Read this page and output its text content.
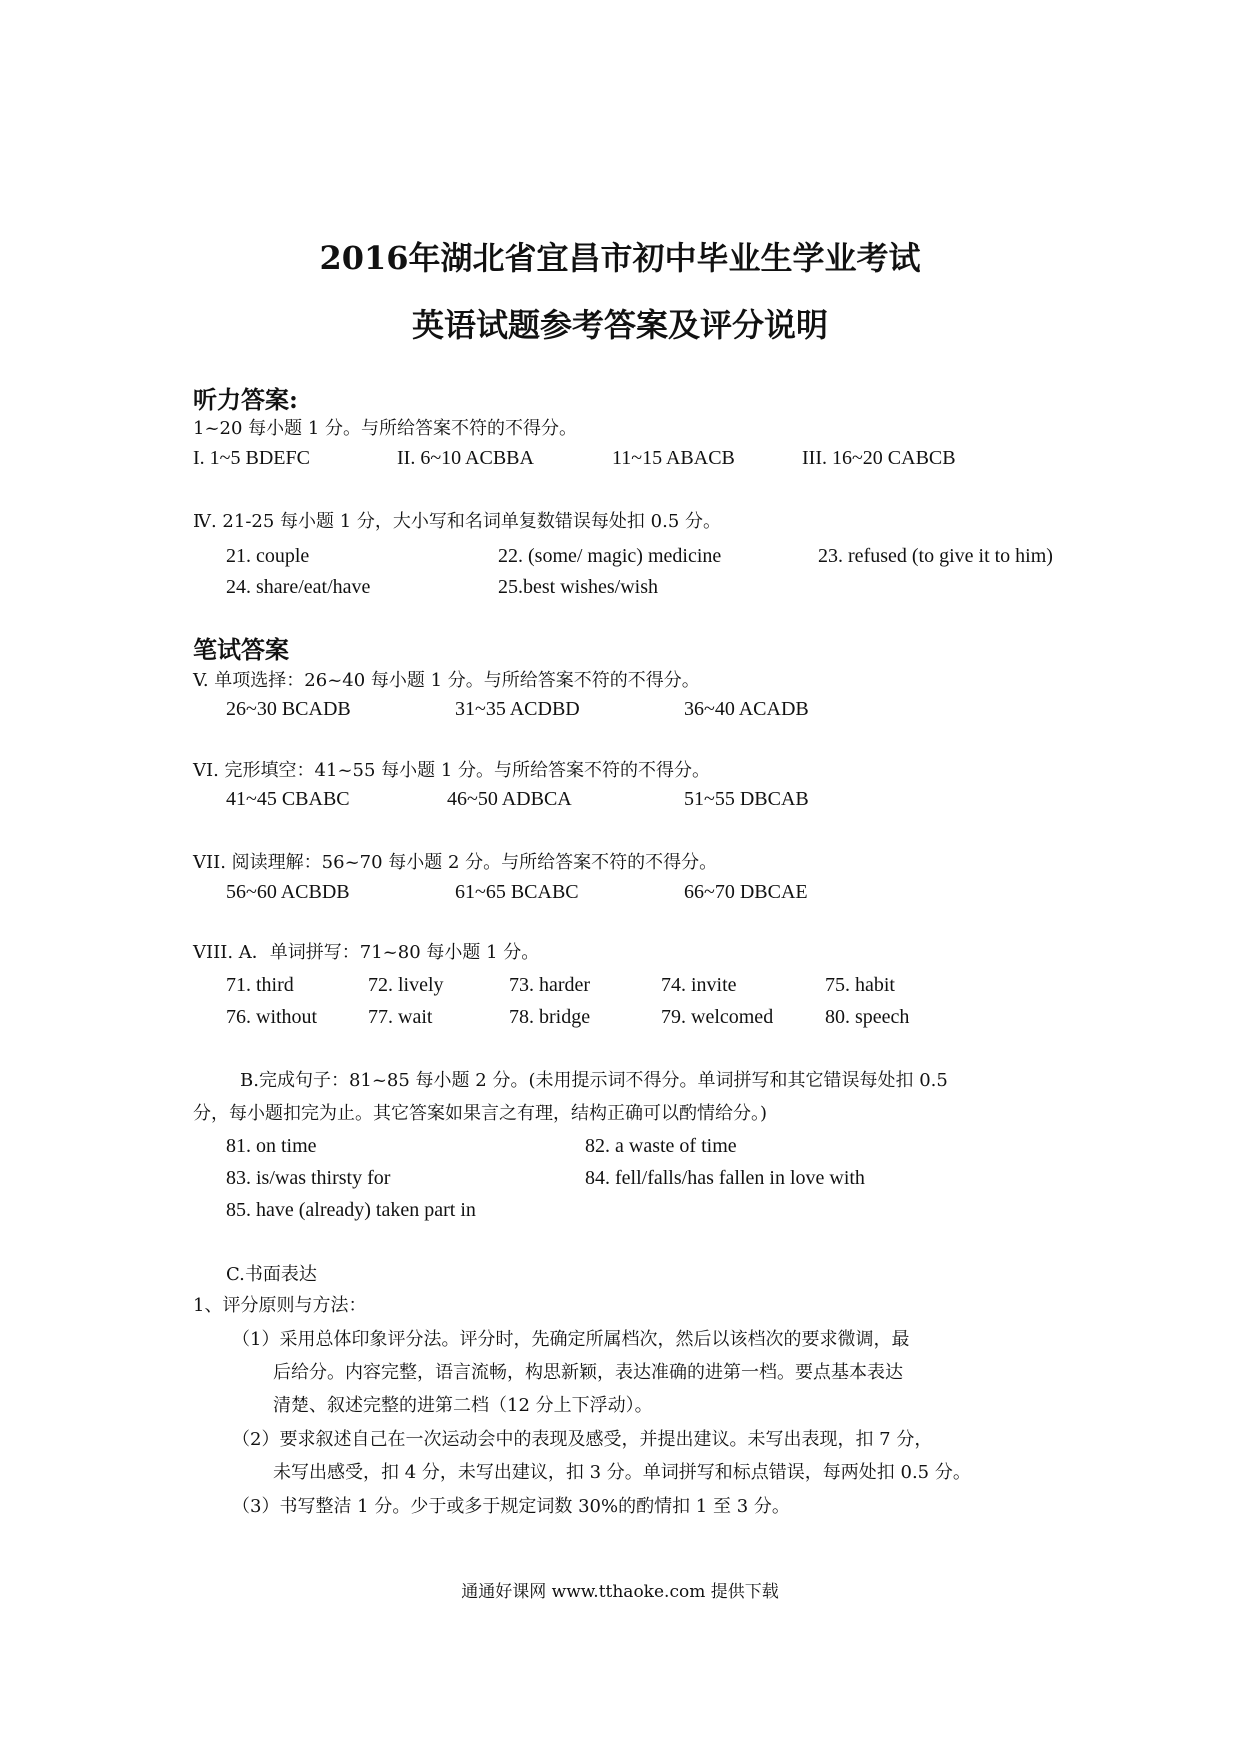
2016年湖北省宜昌市初中毕业生学业考试
英语试题参考答案及评分说明
听力答案:
1~20 每小题 1 分。与所给答案不符的不得分。
I. 1~5 BDEFC	II. 6~10 ACBBA	11~15 ABACB	III. 16~20 CABCB
Ⅳ. 21-25 每小题 1 分，大小写和名词单复数错误每处扣 0.5 分。
21. couple	22. (some/ magic) medicine	23. refused (to give it to him)
24. share/eat/have	25.best wishes/wish
笔试答案
V. 单项选择：26~40 每小题 1 分。与所给答案不符的不得分。
26~30 BCADB	31~35 ACDBD	36~40 ACADB
VI. 完形填空：41~55 每小题 1 分。与所给答案不符的不得分。
41~45 CBABC	46~50 ADBCA	51~55 DBCAB
VII. 阅读理解：56~70 每小题 2 分。与所给答案不符的不得分。
56~60 ACBDB	61~65 BCABC	66~70 DBCAE
VIII. A．单词拼写：71~80 每小题 1 分。
71. third	72. lively	73. harder	74. invite	75. habit
76. without	77. wait	78. bridge	79. welcomed	80. speech
B.完成句子：81~85 每小题 2 分。(未用提示词不得分。单词拼写和其它错误每处扣 0.5
分，每小题扣完为止。其它答案如果言之有理，结构正确可以酌情给分。)
81. on time	82. a waste of time
83. is/was thirsty for	84. fell/falls/has fallen in love with
85. have (already) taken part in
C.书面表达
1、评分原则与方法：
（1）采用总体印象评分法。评分时，先确定所属档次，然后以该档次的要求微调，最
后给分。内容完整，语言流畅，构思新颖，表达准确的进第一档。要点基本表达
清楚、叙述完整的进第二档（12 分上下浮动）。
（2）要求叙述自己在一次运动会中的表现及感受，并提出建议。未写出表现，扣 7 分，
未写出感受，扣 4 分，未写出建议，扣 3 分。单词拼写和标点错误，每两处扣 0.5 分。
（3）书写整洁 1 分。少于或多于规定词数 30%的酌情扣 1 至 3 分。
通通好课网 www.tthaoke.com 提供下载
